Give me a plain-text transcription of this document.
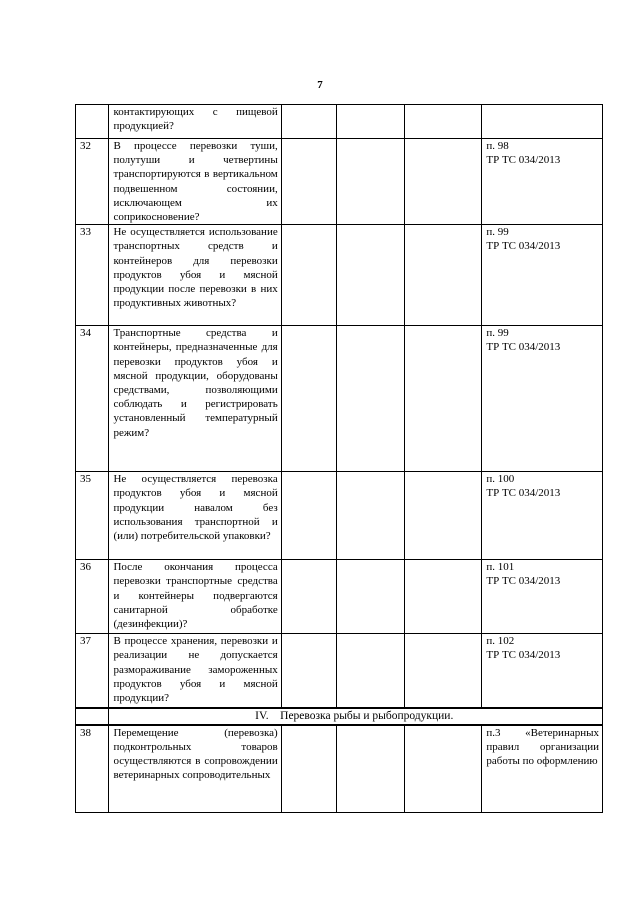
7

	контактирующих с пищевой продукцией?				

32	В процессе перевозки туши, полутуши и четвертины транспортируются в вертикальном подвешенном состоянии, исключающем их соприкосновение?				п. 98
ТР ТС 034/2013

33	Не осуществляется использование транспортных средств и контейнеров для перевозки продуктов убоя и мясной продукции после перевозки в них продуктивных животных?				п. 99
ТР ТС 034/2013

34	Транспортные средства и контейнеры, предназначенные для перевозки продуктов убоя и мясной продукции, оборудованы средствами, позволяющими соблюдать и регистрировать установленный температурный режим?				п. 99
ТР ТС 034/2013

35	Не осуществляется перевозка продуктов убоя и мясной продукции навалом без использования транспортной и (или) потребительской упаковки?				п. 100
ТР ТС 034/2013

36	После окончания процесса перевозки транспортные средства и контейнеры подвергаются санитарной обработке (дезинфекции)?				п. 101
ТР ТС 034/2013

37	В процессе хранения, перевозки и реализации не допускается размораживание замороженных продуктов убоя и мясной продукции?				п. 102
ТР ТС 034/2013

	IV. Перевозка рыбы и рыбопродукции.				
38	Перемещение (перевозка) подконтрольных товаров осуществляются в сопровождении ветеринарных сопроводительных				п.3 «Ветеринарных правил организации работы по оформлению
